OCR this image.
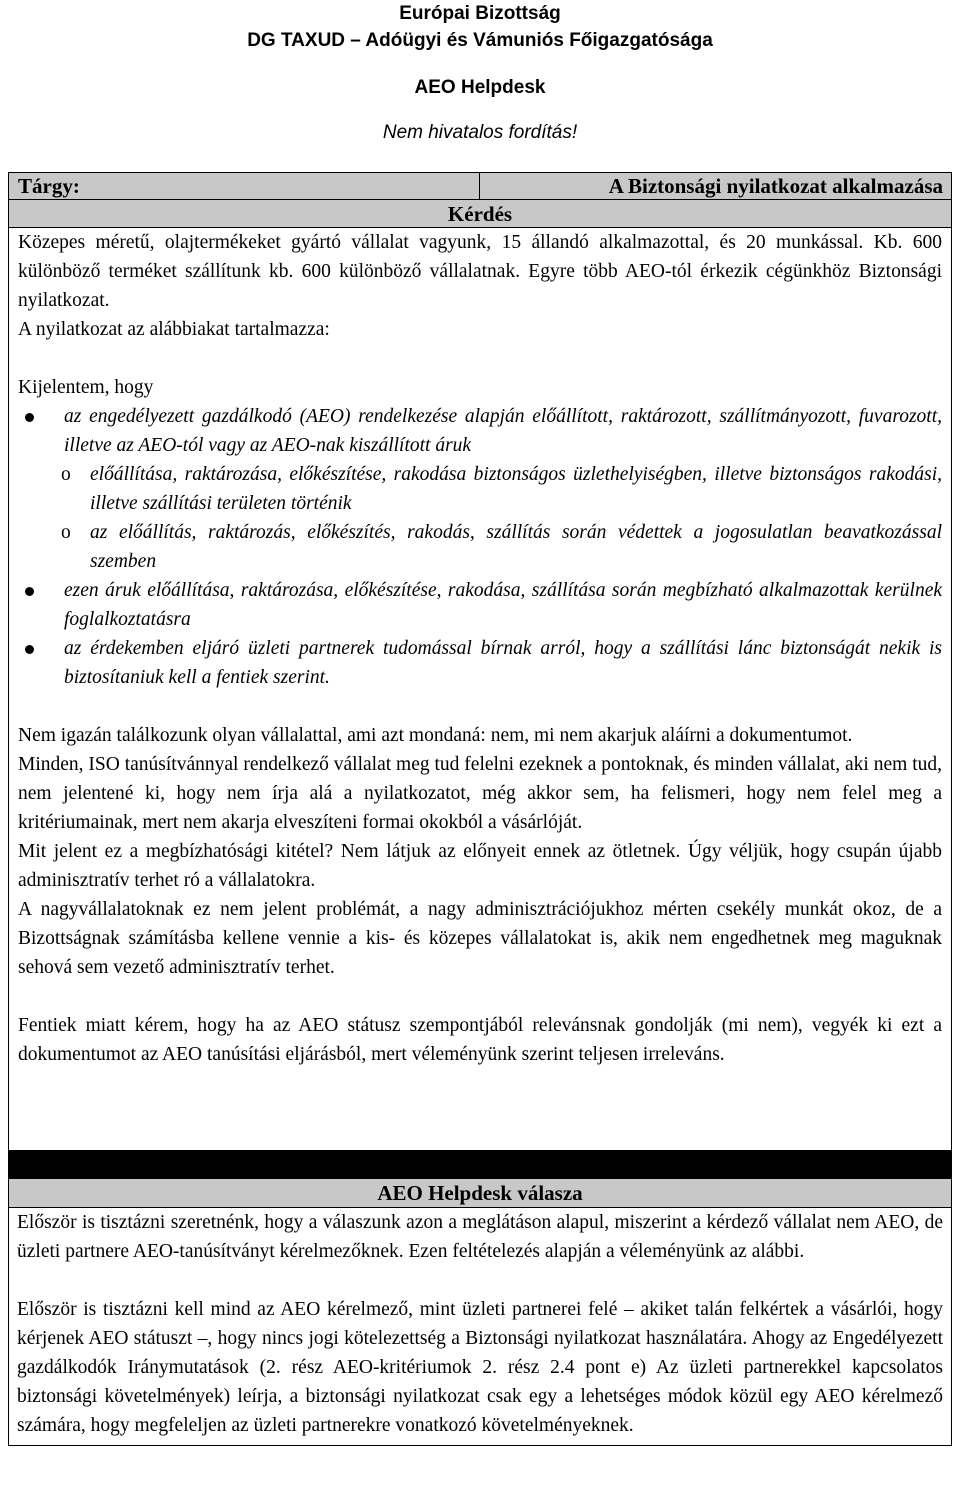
Európai Bizottság
DG TAXUD – Adóügyi és Vámuniós Főigazgatósága
AEO Helpdesk
Nem hivatalos fordítás!
Tárgy:	A Biztonsági nyilatkozat alkalmazása
Kérdés

Közepes méretű, olajtermékeket gyártó vállalat vagyunk, 15 állandó alkalmazottal, és 20 munkással. Kb. 600 különböző terméket szállítunk kb. 600 különböző vállalatnak. Egyre több AEO-tól érkezik cégünkhöz Biztonsági nyilatkozat.

A nyilatkozat az alábbiakat tartalmazza:

Kijelentem, hogy

az engedélyezett gazdálkodó (AEO) rendelkezése alapján előállított, raktározott, szállítmányozott, fuvarozott, illetve az AEO-tól vagy az AEO-nak kiszállított áruk
o előállítása, raktározása, előkészítése, rakodása biztonságos üzlethelyiségben, illetve biztonságos rakodási, illetve szállítási területen történik
o az előállítás, raktározás, előkészítés, rakodás, szállítás során védettek a jogosulatlan beavatkozással szemben
ezen áruk előállítása, raktározása, előkészítése, rakodása, szállítása során megbízható alkalmazottak kerülnek foglalkoztatásra
az érdekemben eljáró üzleti partnerek tudomással bírnak arról, hogy a szállítási lánc biztonságát nekik is biztosítaniuk kell a fentiek szerint.

Nem igazán találkozunk olyan vállalattal, ami azt mondaná: nem, mi nem akarjuk aláírni a dokumentumot.

Minden, ISO tanúsítvánnyal rendelkező vállalat meg tud felelni ezeknek a pontoknak, és minden vállalat, aki nem tud, nem jelentené ki, hogy nem írja alá a nyilatkozatot, még akkor sem, ha felismeri, hogy nem felel meg a kritériumainak, mert nem akarja elveszíteni formai okokból a vásárlóját.

Mit jelent ez a megbízhatósági kitétel? Nem látjuk az előnyeit ennek az ötletnek. Úgy véljük, hogy csupán újabb adminisztratív terhet ró a vállalatokra.

A nagyvállalatoknak ez nem jelent problémát, a nagy adminisztrációjukhoz mérten csekély munkát okoz, de a Bizottságnak számításba kellene vennie a kis- és közepes vállalatokat is, akik nem engedhetnek meg maguknak sehová sem vezető adminisztratív terhet.

Fentiek miatt kérem, hogy ha az AEO státusz szempontjából relevánsnak gondolják (mi nem), vegyék ki ezt a dokumentumot az AEO tanúsítási eljárásból, mert véleményünk szerint teljesen irreleváns.

AEO Helpdesk válasza

Először is tisztázni szeretnénk, hogy a válaszunk azon a meglátáson alapul, miszerint a kérdező vállalat nem AEO, de üzleti partnere AEO-tanúsítványt kérelmezőknek. Ezen feltételezés alapján a véleményünk az alábbi.

Először is tisztázni kell mind az AEO kérelmező, mint üzleti partnerei felé – akiket talán felkértek a vásárlói, hogy kérjenek AEO státuszt –, hogy nincs jogi kötelezettség a Biztonsági nyilatkozat használatára. Ahogy az Engedélyezett gazdálkodók Iránymutatások (2. rész AEO-kritériumok 2. rész 2.4 pont e) Az üzleti partnerekkel kapcsolatos biztonsági követelmények) leírja, a biztonsági nyilatkozat csak egy a lehetséges módok közül egy AEO kérelmező számára, hogy megfeleljen az üzleti partnerekre vonatkozó követelményeknek.
